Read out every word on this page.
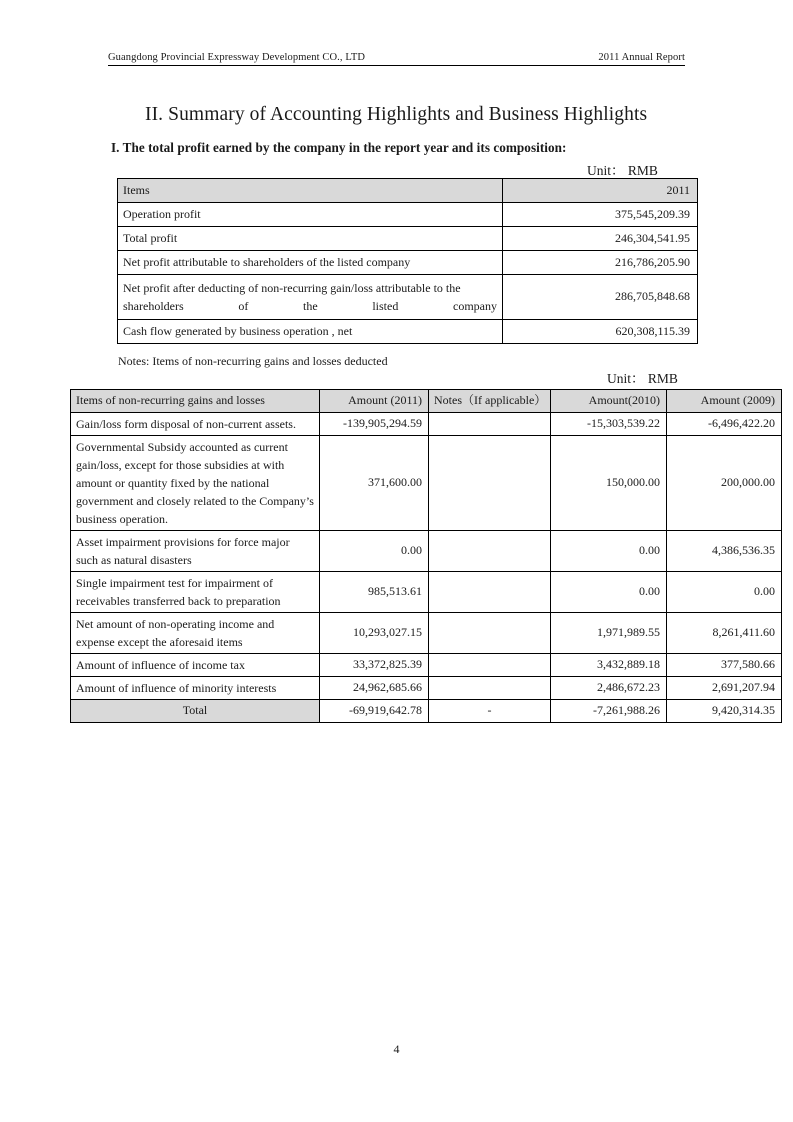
Guangdong Provincial Expressway Development CO., LTD	2011 Annual Report
II. Summary of Accounting Highlights and Business Highlights
I. The total profit earned by the company in the report year and its composition:
Unit： RMB
Items	2011
Operation profit	375,545,209.39
Total profit	246,304,541.95
Net profit attributable to shareholders of the listed company	216,786,205.90
Net profit after deducting of non-recurring gain/loss attributable to the shareholders of the listed company	286,705,848.68
Cash flow generated by business operation , net	620,308,115.39
Notes: Items of non-recurring gains and losses deducted
Unit： RMB
Items of non-recurring gains and losses	Amount (2011)	Notes（If applicable）	Amount(2010)	Amount (2009)
Gain/loss form disposal of non-current assets.	-139,905,294.59		-15,303,539.22	-6,496,422.20
Governmental Subsidy accounted as current gain/loss, except for those subsidies at with amount or quantity fixed by the national government and closely related to the Company’s business operation.	371,600.00		150,000.00	200,000.00
Asset impairment provisions for force major such as natural disasters	0.00		0.00	4,386,536.35
Single impairment test for impairment of receivables transferred back to preparation	985,513.61		0.00	0.00
Net amount of non-operating income and expense except the aforesaid items	10,293,027.15		1,971,989.55	8,261,411.60
Amount of influence of income tax	33,372,825.39		3,432,889.18	377,580.66
Amount of influence of minority interests	24,962,685.66		2,486,672.23	2,691,207.94
Total	-69,919,642.78	-	-7,261,988.26	9,420,314.35
4
